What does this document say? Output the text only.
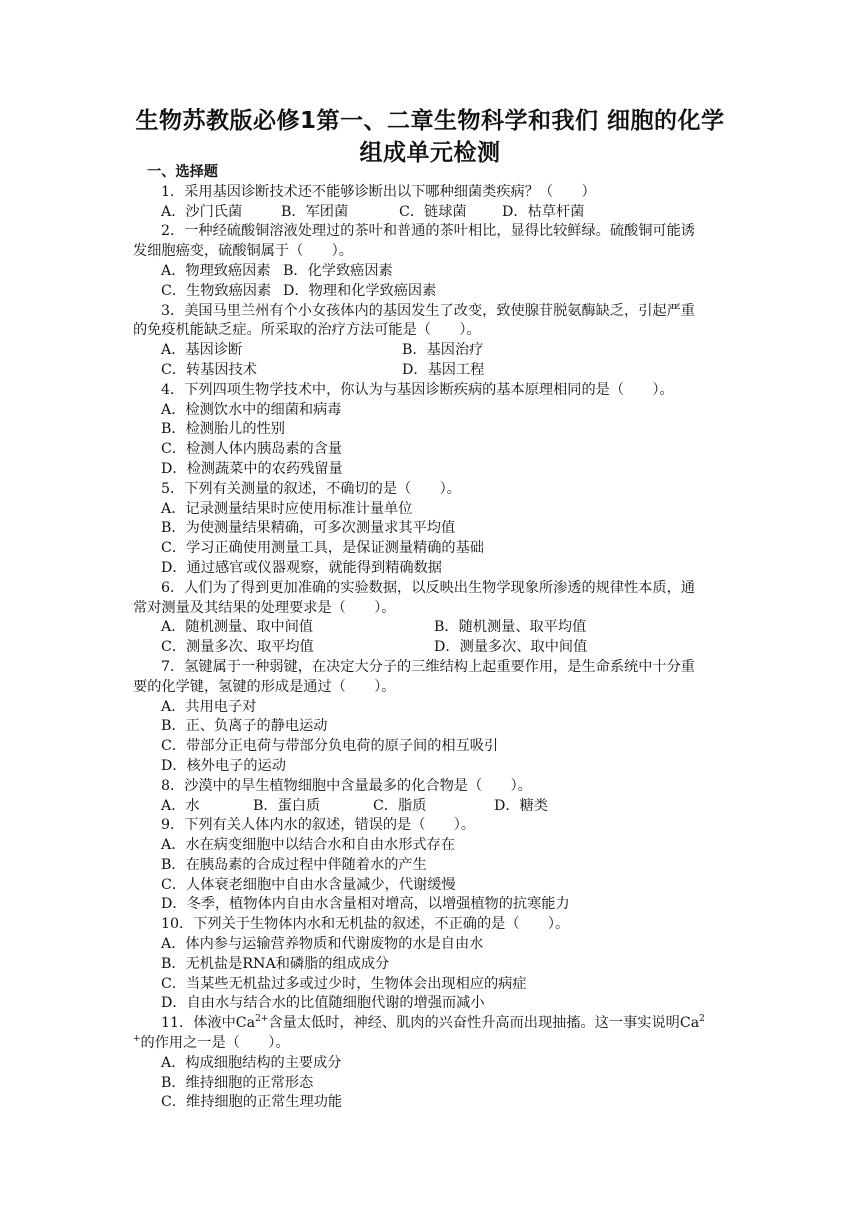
生物苏教版必修1第一、二章生物科学和我们 细胞的化学
组成单元检测
一、选择题
1．采用基因诊断技术还不能够诊断出以下哪种细菌类疾病？（　　）
A．沙门氏菌	B．军团菌	C．链球菌	D．枯草杆菌
2．一种经硫酸铜溶液处理过的茶叶和普通的茶叶相比，显得比较鲜绿。硫酸铜可能诱
发细胞癌变，硫酸铜属于（　　）。
A．物理致癌因素 B．化学致癌因素
C．生物致癌因素 D．物理和化学致癌因素
3．美国马里兰州有个小女孩体内的基因发生了改变，致使腺苷脱氨酶缺乏，引起严重
的免疫机能缺乏症。所采取的治疗方法可能是（　　）。
A．基因诊断	B．基因治疗
C．转基因技术	D．基因工程
4．下列四项生物学技术中，你认为与基因诊断疾病的基本原理相同的是（　　）。
A．检测饮水中的细菌和病毒
B．检测胎儿的性别
C．检测人体内胰岛素的含量
D．检测蔬菜中的农药残留量
5．下列有关测量的叙述，不确切的是（　　）。
A．记录测量结果时应使用标准计量单位
B．为使测量结果精确，可多次测量求其平均值
C．学习正确使用测量工具，是保证测量精确的基础
D．通过感官或仪器观察，就能得到精确数据
6．人们为了得到更加准确的实验数据，以反映出生物学现象所渗透的规律性本质，通
常对测量及其结果的处理要求是（　　）。
A．随机测量、取中间值	B．随机测量、取平均值
C．测量多次、取平均值	D．测量多次、取中间值
7．氢键属于一种弱键，在决定大分子的三维结构上起重要作用，是生命系统中十分重
要的化学键，氢键的形成是通过（　　）。
A．共用电子对
B．正、负离子的静电运动
C．带部分正电荷与带部分负电荷的原子间的相互吸引
D．核外电子的运动
8．沙漠中的旱生植物细胞中含量最多的化合物是（　　）。
A．水	B．蛋白质	C．脂质	D．糖类
9．下列有关人体内水的叙述，错误的是（　　）。
A．水在病变细胞中以结合水和自由水形式存在
B．在胰岛素的合成过程中伴随着水的产生
C．人体衰老细胞中自由水含量减少，代谢缓慢
D．冬季，植物体内自由水含量相对增高，以增强植物的抗寒能力
10．下列关于生物体内水和无机盐的叙述，不正确的是（　　）。
A．体内参与运输营养物质和代谢废物的水是自由水
B．无机盐是RNA和磷脂的组成成分
C．当某些无机盐过多或过少时，生物体会出现相应的病症
D．自由水与结合水的比值随细胞代谢的增强而减小
11．体液中$Ca^{2+}$含量太低时，神经、肌肉的兴奋性升高而出现抽搐。这一事实说明Ca$^2$
+的作用之一是（　　）。
A．构成细胞结构的主要成分
B．维持细胞的正常形态
C．维持细胞的正常生理功能
